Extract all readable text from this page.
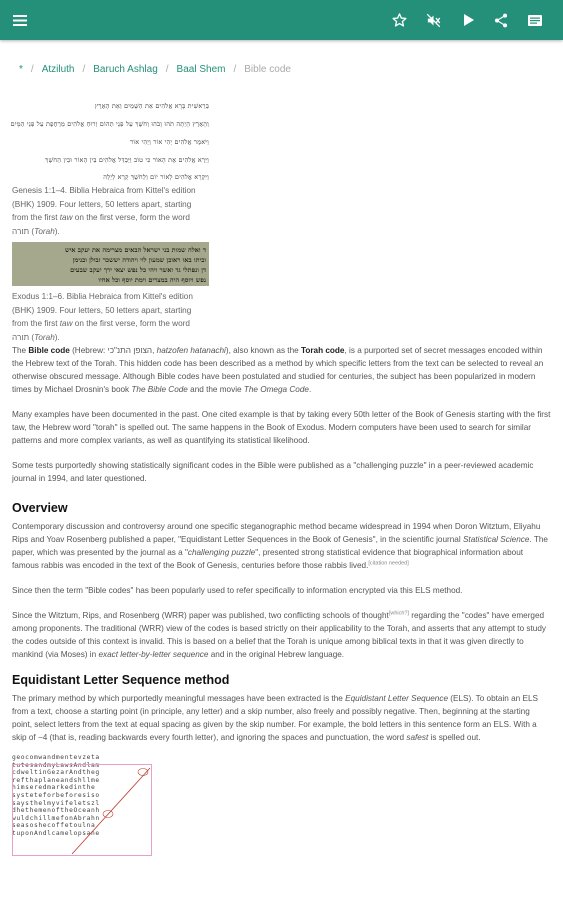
* / Atziluth / Baruch Ashlag / Baal Shem / Bible code
בְּרֵאשִׁית בָּרָא אֱלֹהִים אֵת הַשָּׁמַיִם וְאֵת הָאָרֶץ
וְהָאָרֶץ הָיְתָה תֹהוּ וָבֹהוּ וְחֹשֶׁךְ עַל פְּנֵי תְהוֹם וְרוּחַ אֱלֹהִים מְרַחֶפֶת עַל פְּנֵי הַמָּיִם
וַיֹּאמֶר אֱלֹהִים יְהִי אוֹר וַיְהִי אוֹר
וַיַּרְא אֱלֹהִים אֶת הָאוֹר כִּי טוֹב וַיַּבְדֵּל אֱלֹהִים בֵּין הָאוֹר וּבֵין הַחֹשֶׁךְ
וַיִּקְרָא אֱלֹהִים לָאוֹר יוֹם וְלַחֹשֶׁךְ קָרָא לָיְלָה
Genesis 1:1–4. Biblia Hebraica from Kittel's edition (BHK) 1909. Four letters, 50 letters apart, starting from the first taw on the first verse, form the word תורה (Torah).
ד ואלה שמות בני ישראל הבאים מצרימה את יעקב איש
וביתו באו ראובן שמעון לוי ויהודה יששכר זבולן ובנימן
דן ונפתלי גד ואשר ויהי כל נפש יצאי ירך יעקב שבעים
נפש ויוסף היה במצרים וימת יוסף וכל אחיו
Exodus 1:1–6. Biblia Hebraica from Kittel's edition (BHK) 1909. Four letters, 50 letters apart, starting from the first taw on the first verse, form the word תורה (Torah).

The Bible code (Hebrew: הצופן התנ"כי, hatzofen hatanachi), also known as the Torah code, is a purported set of secret messages encoded within the Hebrew text of the Torah. This hidden code has been described as a method by which specific letters from the text can be selected to reveal an otherwise obscured message. Although Bible codes have been postulated and studied for centuries, the subject has been popularized in modern times by Michael Drosnin's book The Bible Code and the movie The Omega Code.

Many examples have been documented in the past. One cited example is that by taking every 50th letter of the Book of Genesis starting with the first taw, the Hebrew word "torah" is spelled out. The same happens in the Book of Exodus. Modern computers have been used to search for similar patterns and more complex variants, as well as quantifying its statistical likelihood.

Some tests purportedly showing statistically significant codes in the Bible were published as a "challenging puzzle" in a peer-reviewed academic journal in 1994, and later questioned.

Overview

Contemporary discussion and controversy around one specific steganographic method became widespread in 1994 when Doron Witztum, Eliyahu Rips and Yoav Rosenberg published a paper, "Equidistant Letter Sequences in the Book of Genesis", in the scientific journal Statistical Science. The paper, which was presented by the journal as a "challenging puzzle", presented strong statistical evidence that biographical information about famous rabbis was encoded in the text of the Book of Genesis, centuries before those rabbis lived.[citation needed]

Since then the term "Bible codes" has been popularly used to refer specifically to information encrypted via this ELS method.

Since the Witztum, Rips, and Rosenberg (WRR) paper was published, two conflicting schools of thought[which?] regarding the "codes" have emerged among proponents. The traditional (WRR) view of the codes is based strictly on their applicability to the Torah, and asserts that any attempt to study the codes outside of this context is invalid. This is based on a belief that the Torah is unique among biblical texts in that it was given directly to mankind (via Moses) in exact letter-by-letter sequence and in the original Hebrew language.

Equidistant Letter Sequence method

The primary method by which purportedly meaningful messages have been extracted is the Equidistant Letter Sequence (ELS). To obtain an ELS from a text, choose a starting point (in principle, any letter) and a skip number, also freely and possibly negative. Then, beginning at the starting point, select letters from the text at equal spacing as given by the skip number. For example, the bold letters in this sentence form an ELS. With a skip of −4 (that is, reading backwards every fourth letter), and ignoring the spaces and punctuation, the word safest is spelled out.

geocomwandmentevzeta
tutesandmyLawsAndlam
cdweltinGezarAndtheg
refthaplaneandshllme
himseredmarkedinthe
systeteforbeforesiso
saysthelmyvifeletszl
dhethemenoftheOceanh
wuldchillmefonAbrahn
seasoshecoffetoulna
tuponAndlcamelopsane
